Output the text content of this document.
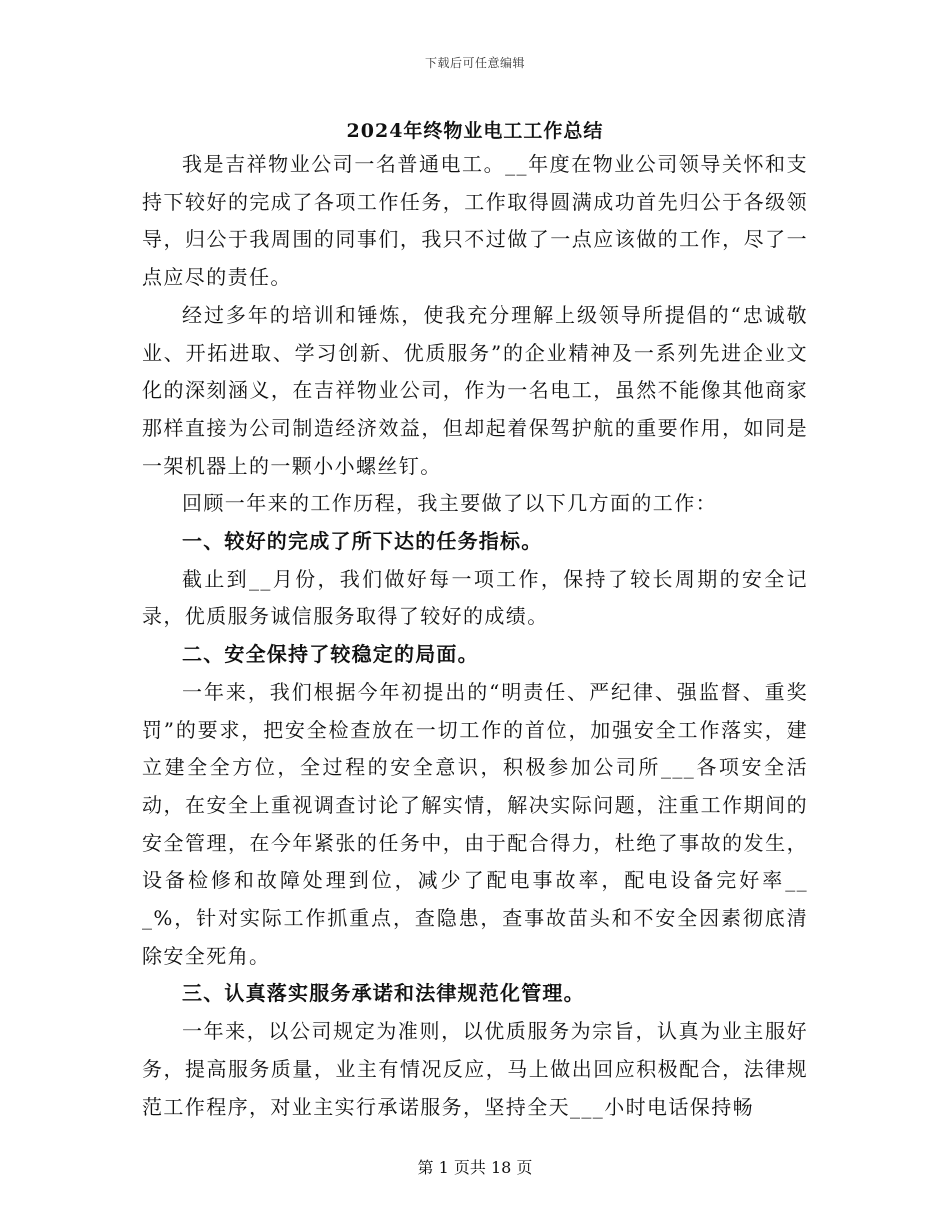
下载后可任意编辑
2024年终物业电工工作总结

我是吉祥物业公司一名普通电工。__年度在物业公司领导关怀和支持下较好的完成了各项工作任务，工作取得圆满成功首先归公于各级领导，归公于我周围的同事们，我只不过做了一点应该做的工作，尽了一点应尽的责任。

经过多年的培训和锤炼，使我充分理解上级领导所提倡的“忠诚敬业、开拓进取、学习创新、优质服务”的企业精神及一系列先进企业文化的深刻涵义，在吉祥物业公司，作为一名电工，虽然不能像其他商家那样直接为公司制造经济效益，但却起着保驾护航的重要作用，如同是一架机器上的一颗小小螺丝钉。

回顾一年来的工作历程，我主要做了以下几方面的工作：

一、较好的完成了所下达的任务指标。

截止到__月份，我们做好每一项工作，保持了较长周期的安全记录，优质服务诚信服务取得了较好的成绩。

二、安全保持了较稳定的局面。

一年来，我们根据今年初提出的“明责任、严纪律、强监督、重奖罚”的要求，把安全检查放在一切工作的首位，加强安全工作落实，建立建全全方位，全过程的安全意识，积极参加公司所___各项安全活动，在安全上重视调查讨论了解实情，解决实际问题，注重工作期间的安全管理，在今年紧张的任务中，由于配合得力，杜绝了事故的发生，设备检修和故障处理到位，减少了配电事故率，配电设备完好率___%，针对实际工作抓重点，查隐患，查事故苗头和不安全因素彻底清除安全死角。

三、认真落实服务承诺和法律规范化管理。

一年来，以公司规定为准则，以优质服务为宗旨，认真为业主服好务，提高服务质量，业主有情况反应，马上做出回应积极配合，法律规范工作程序，对业主实行承诺服务，坚持全天___小时电话保持畅

第 1 页共 18 页
